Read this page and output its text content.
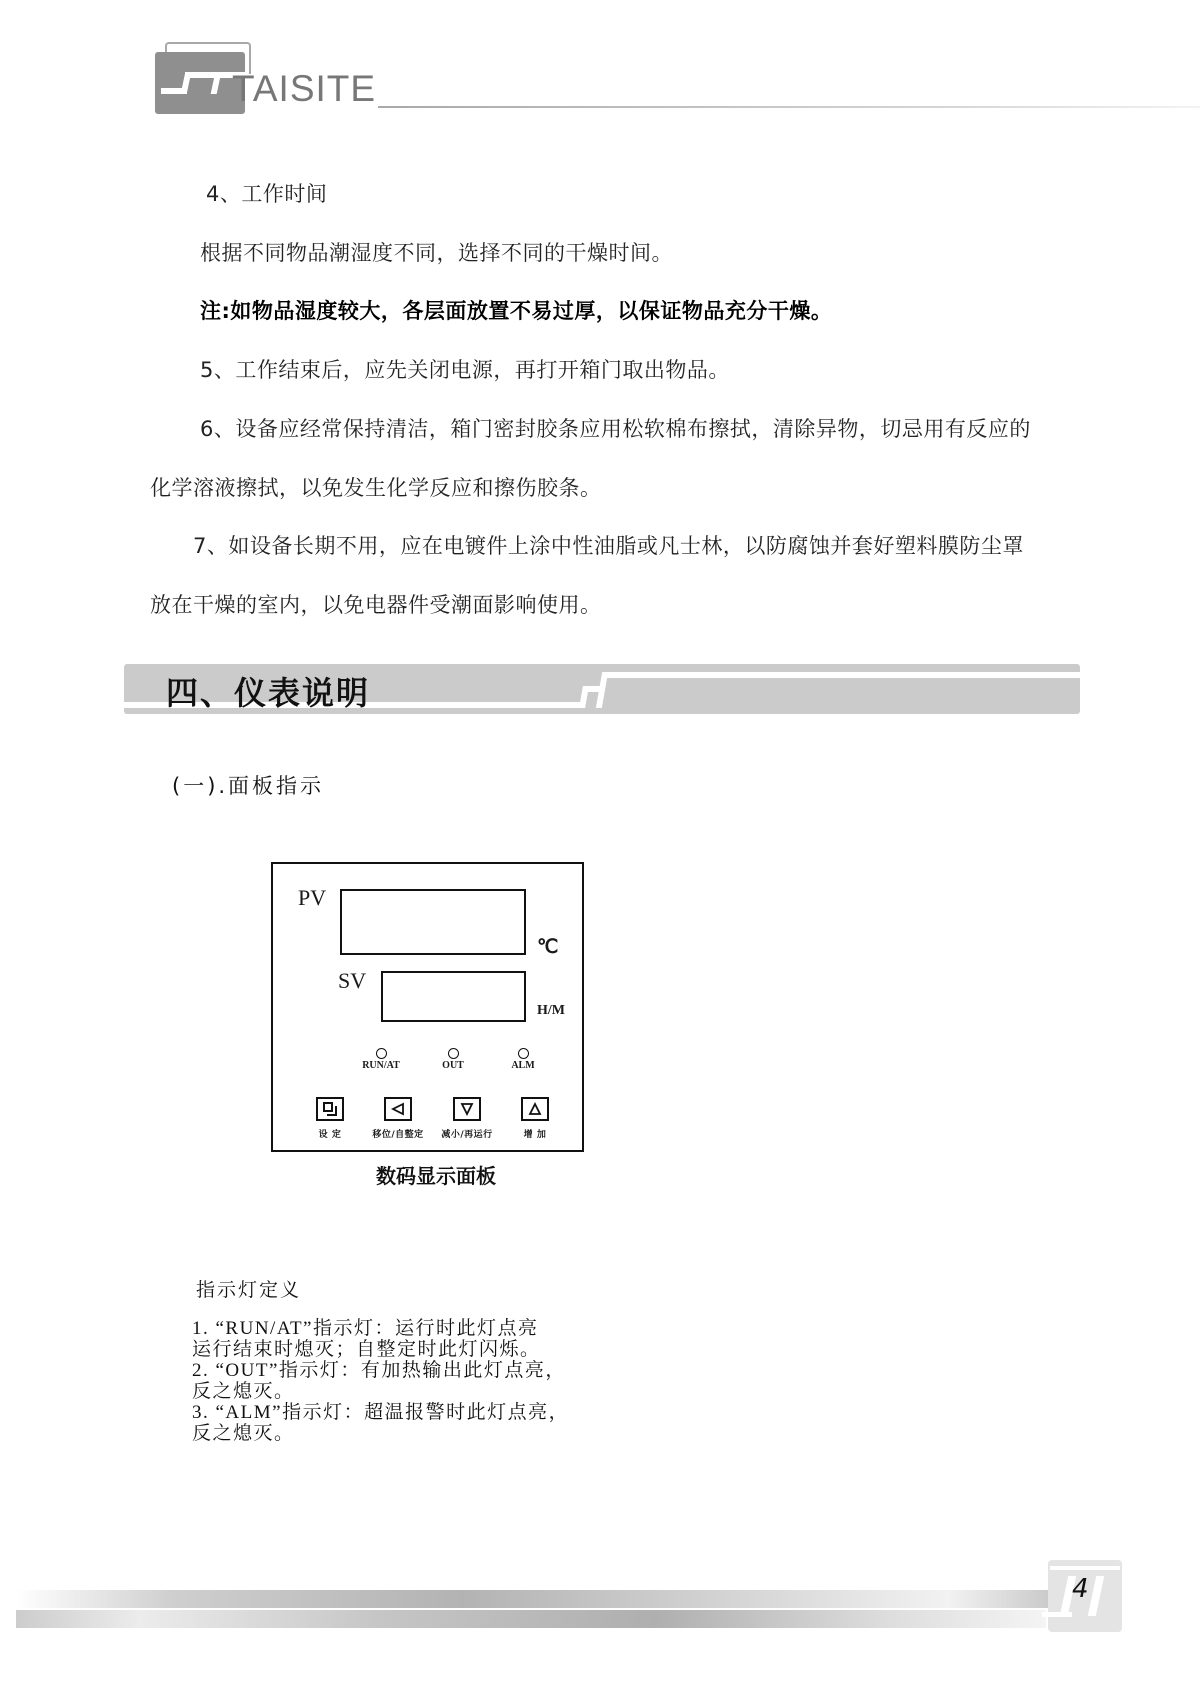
TAISITE
4、工作时间
根据不同物品潮湿度不同，选择不同的干燥时间。
注:如物品湿度较大，各层面放置不易过厚，以保证物品充分干燥。
5、工作结束后，应先关闭电源，再打开箱门取出物品。
6、设备应经常保持清洁，箱门密封胶条应用松软棉布擦拭，清除异物，切忌用有反应的
化学溶液擦拭，以免发生化学反应和擦伤胶条。
7、如设备长期不用，应在电镀件上涂中性油脂或凡士林，以防腐蚀并套好塑料膜防尘罩
放在干燥的室内，以免电器件受潮面影响使用。
四、仪表说明
(一).面板指示
PV
℃
SV
H/M
RUN/AT	OUT	ALM
设 定	移位/自整定 减小/再运行	增 加
数码显示面板
指示灯定义
1. “RUN/AT”指示灯：运行时此灯点亮
运行结束时熄灭；自整定时此灯闪烁。
2. “OUT”指示灯：有加热输出此灯点亮，
反之熄灭。
3. “ALM”指示灯：超温报警时此灯点亮，
反之熄灭。
4
